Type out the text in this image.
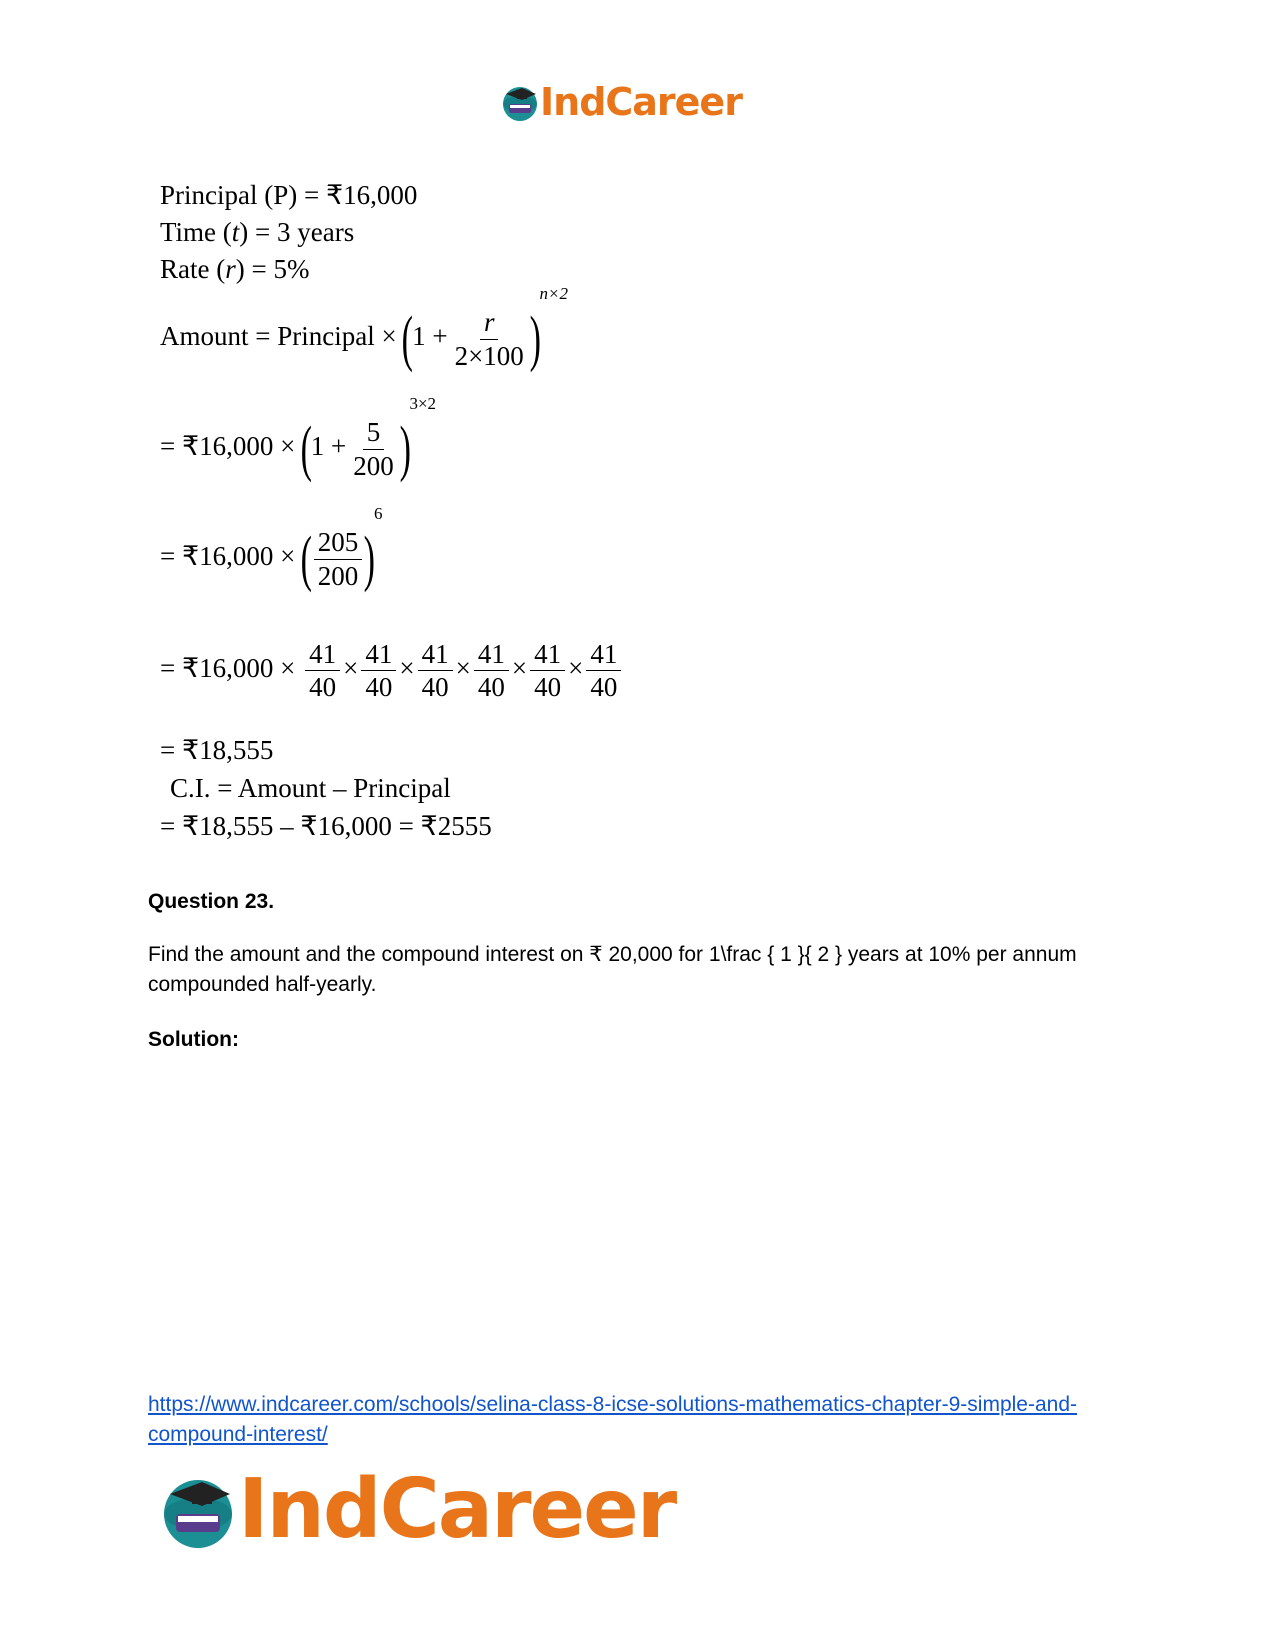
IndCareer
Principal (P) = ₹16,000
Time (t) = 3 years
Rate (r) = 5%
Amount = Principal × $(1 + \frac{r}{2\times 100} )^{n\times 2}$
= ₹16,000 × $(1 + \frac{5}{200} )^{3\times 2}$
= ₹16,000 × ( $\frac{205}{200} )^6$
= ₹16,000 × $\frac{41}{40} \times \frac{41}{40} \times \frac{41}{40} \times \frac{41}{40} \times \frac{41}{40} \times \frac{41}{40}$
= ₹18,555
C.I. = Amount – Principal
= ₹18,555 – ₹16,000 = ₹2555
Question 23.
Find the amount and the compound interest on ₹ 20,000 for 1\frac { 1 }{ 2 } years at 10% per annum compounded half-yearly.
Solution:
https://www.indcareer.com/schools/selina-class-8-icse-solutions-mathematics-chapter-9-simple-and-compound-interest/
IndCareer
